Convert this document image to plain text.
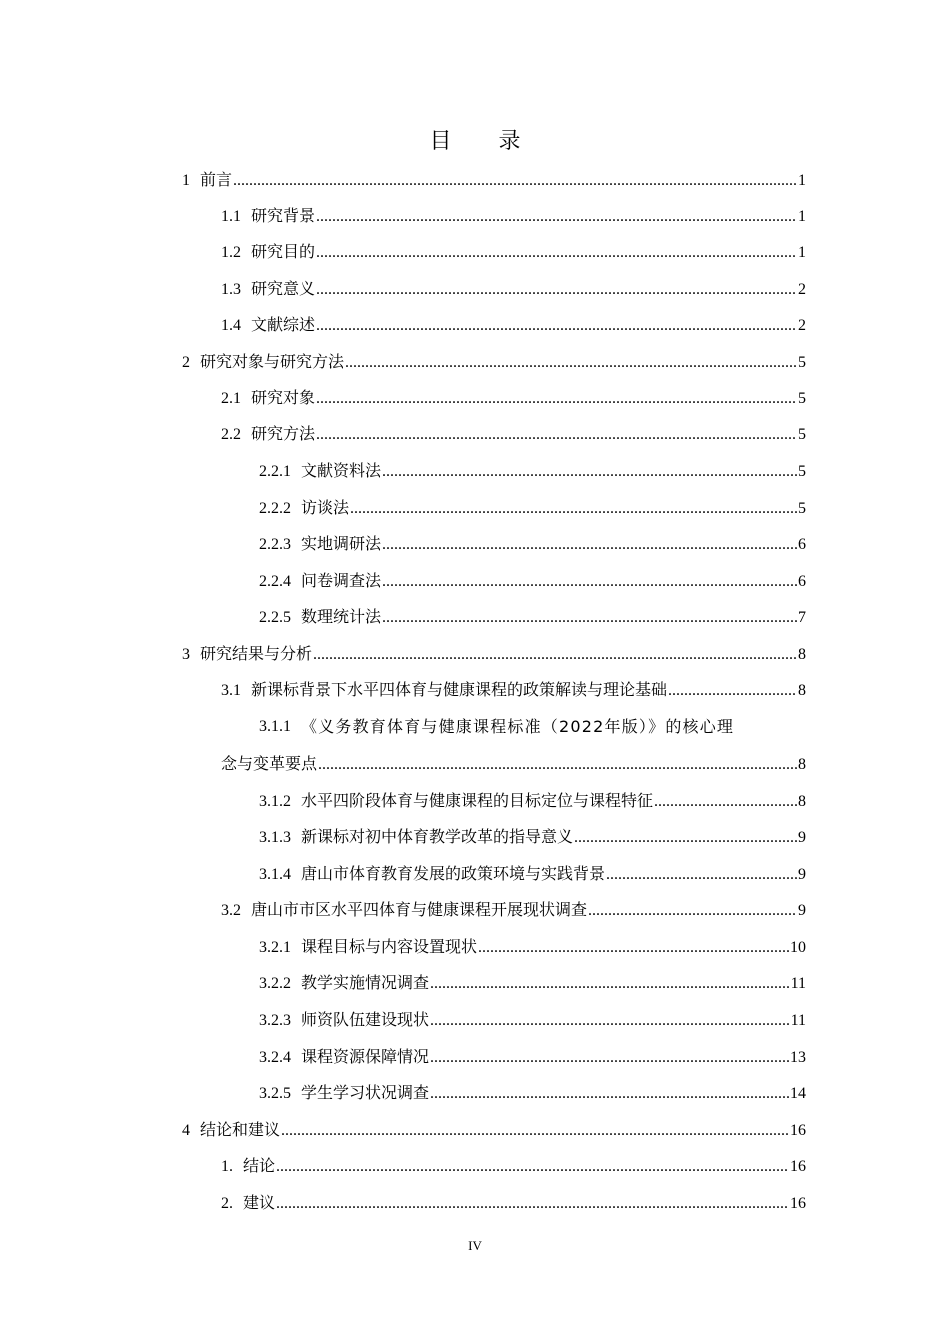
目 录
1 前言 .....	1
1.1 研究背景 .....	1
1.2 研究目的 .....	1
1.3 研究意义 .....	2
1.4 文献综述 .....	2
2 研究对象与研究方法 .....	5
2.1 研究对象 .....	5
2.2 研究方法 .....	5
2.2.1 文献资料法 .....	5
2.2.2 访谈法 .....	5
2.2.3 实地调研法 .....	6
2.2.4 问卷调查法 .....	6
2.2.5 数理统计法 .....	7
3 研究结果与分析 .....	8
3.1 新课标背景下水平四体育与健康课程的政策解读与理论基础 .....	8
3.1.1 《义务教育体育与健康课程标准（2022年版）》的核心理
念与变革要点 .....	8
3.1.2 水平四阶段体育与健康课程的目标定位与课程特征 .....	8
3.1.3 新课标对初中体育教学改革的指导意义 .....	9
3.1.4 唐山市体育教育发展的政策环境与实践背景 .....	9
3.2 唐山市市区水平四体育与健康课程开展现状调查 .....	9
3.2.1 课程目标与内容设置现状 .....	10
3.2.2 教学实施情况调查 .....	11
3.2.3 师资队伍建设现状 .....	11
3.2.4 课程资源保障情况 .....	13
3.2.5 学生学习状况调查 .....	14
4 结论和建议 .....	16
1. 结论 .....	16
2. 建议 .....	16
IV
